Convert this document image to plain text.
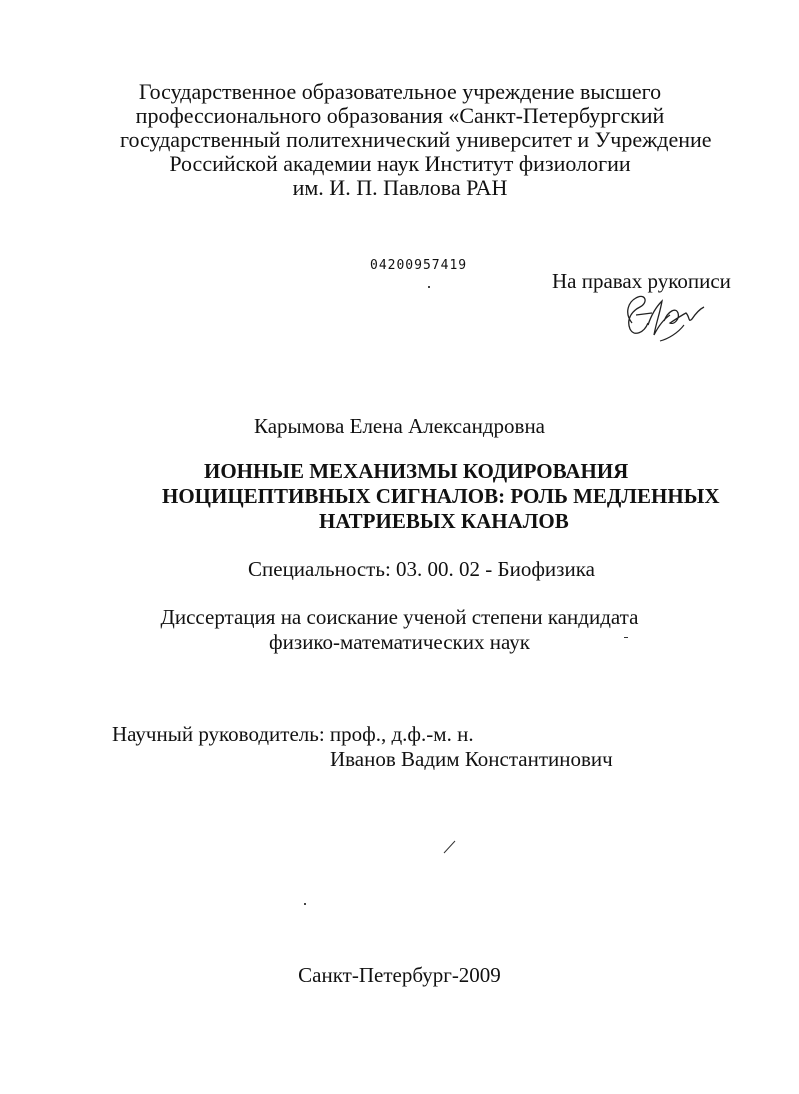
Государственное образовательное учреждение высшего
профессионального образования «Санкт-Петербургский
государственный политехнический университет и Учреждение
Российской академии наук Институт физиологии
им. И. П. Павлова РАН
04200957419
На правах рукописи
Карымова Елена Александровна
ИОННЫЕ МЕХАНИЗМЫ КОДИРОВАНИЯ
НОЦИЦЕПТИВНЫХ СИГНАЛОВ: РОЛЬ МЕДЛЕННЫХ
НАТРИЕВЫХ КАНАЛОВ
Специальность: 03. 00. 02 - Биофизика
Диссертация на соискание ученой степени кандидата
физико-математических наук
Научный руководитель: проф., д.ф.-м. н.
Иванов Вадим Константинович
Санкт-Петербург-2009
